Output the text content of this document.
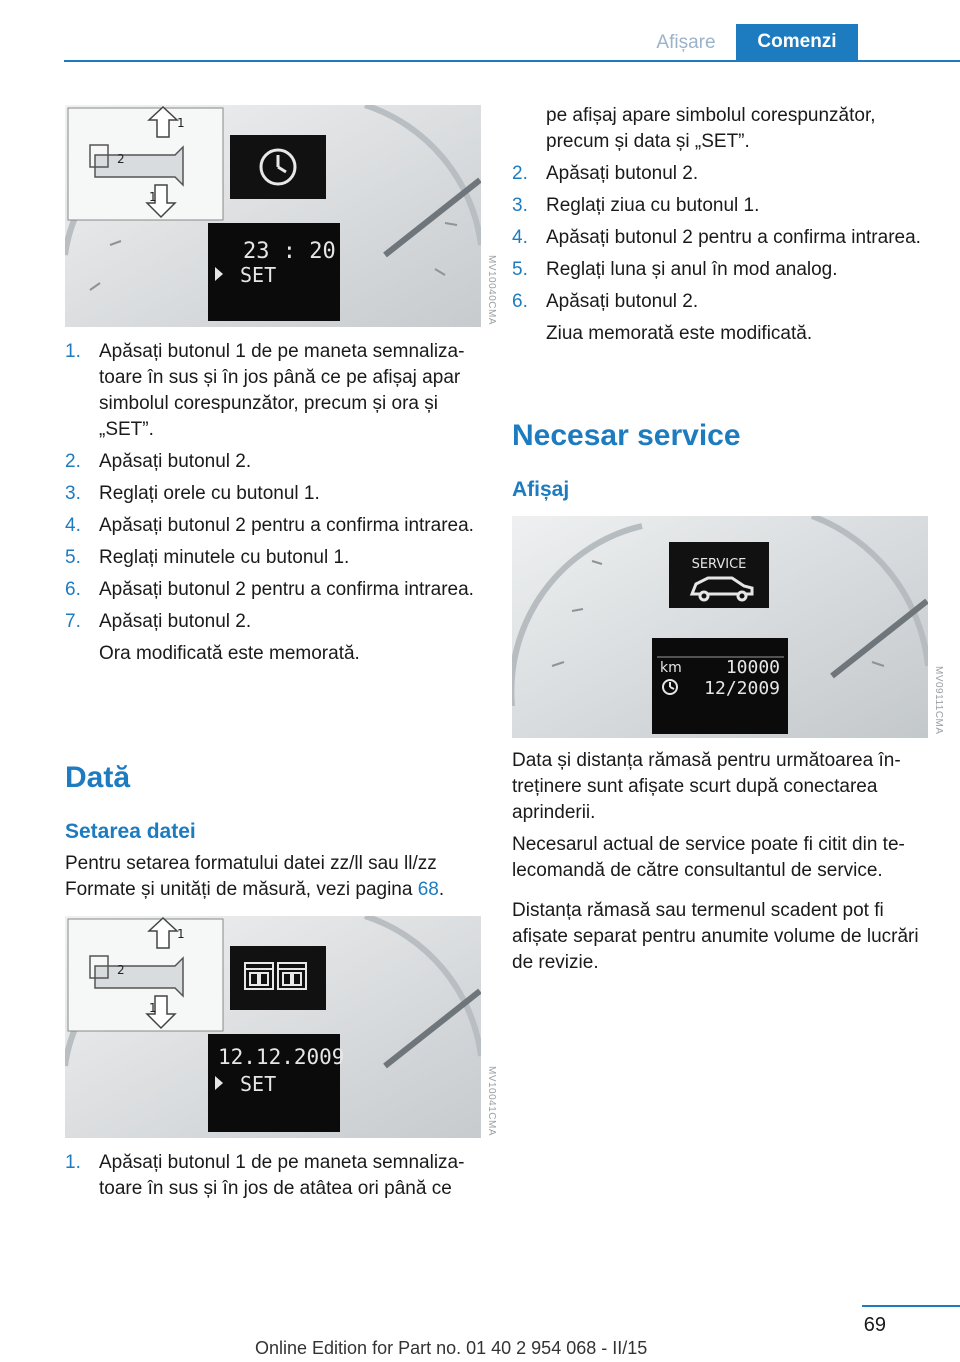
Afișare	Comenzi
23 : 20
SET
1
2
1
MV10040CMA
1. Apăsați butonul 1 de pe maneta semnalizatoare în sus și în jos până ce pe afișaj apar simbolul corespunzător, precum și ora și „SET”.
2. Apăsați butonul 2.
3. Reglați orele cu butonul 1.
4. Apăsați butonul 2 pentru a confirma intrarea.
5. Reglați minutele cu butonul 1.
6. Apăsați butonul 2 pentru a confirma intrarea.
7. Apăsați butonul 2.
Ora modificată este memorată.
Dată
Setarea datei

Pentru setarea formatului datei zz/ll sau ll/zz Formate și unități de măsură, vezi pagina 68.

12.12.2009
SET
1
2
1
MV10041CMA
1. Apăsați butonul 1 de pe maneta semnalizatoare în sus și în jos de atâtea ori până ce
pe afișaj apare simbolul corespunzător, precum și data și „SET”.
2. Apăsați butonul 2.
3. Reglați ziua cu butonul 1.
4. Apăsați butonul 2 pentru a confirma intrarea.
5. Reglați luna și anul în mod analog.
6. Apăsați butonul 2.
Ziua memorată este modificată.
Necesar service
Afișaj
SERVICE
km 10000
12/2009	MV09111CMA

Data și distanța rămasă pentru următoarea întreținere sunt afișate scurt după conectarea aprinderii.

Necesarul actual de service poate fi citit din telecomandă de către consultantul de service.

Distanța rămasă sau termenul scadent pot fi afișate separat pentru anumite volume de lucrări de revizie.

69
Online Edition for Part no. 01 40 2 954 068 - II/15
